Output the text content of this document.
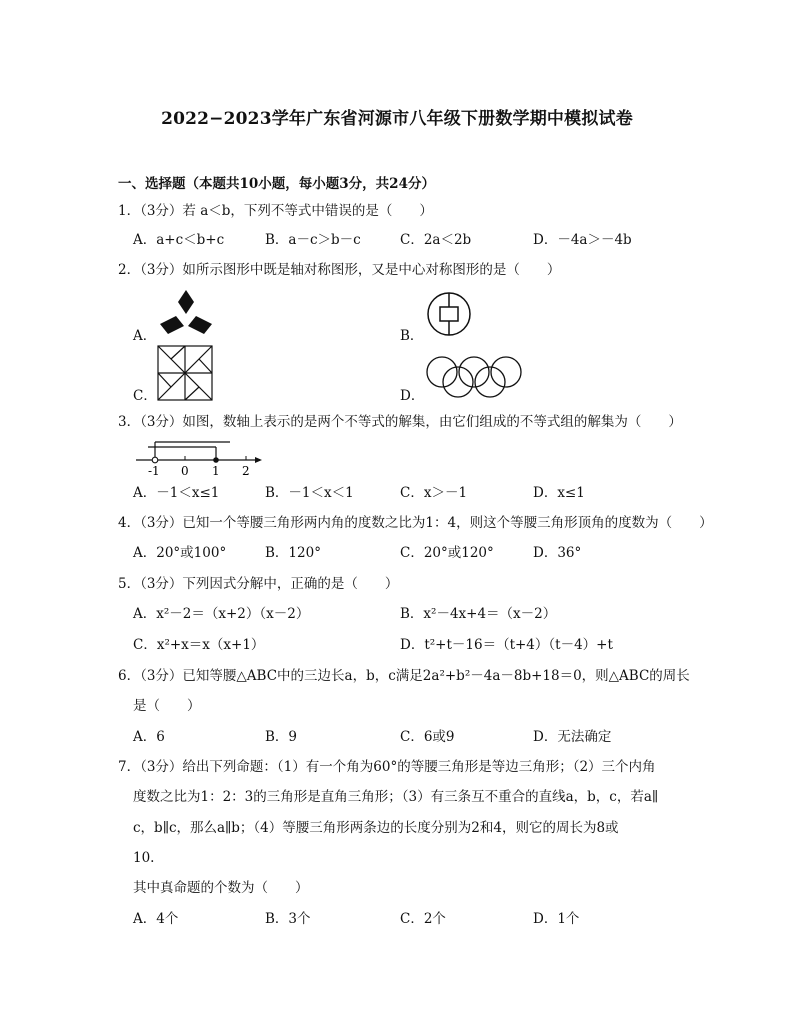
2022−2023学年广东省河源市八年级下册数学期中模拟试卷
一、选择题（本题共10小题，每小题3分，共24分）
1．（3分）若 a＜b，下列不等式中错误的是（　　）
A．a+c＜b+c	B．a－c＞b－c	C．2a＜2b	D．－4a＞－4b
2．（3分）如所示图形中既是轴对称图形，又是中心对称图形的是（　　）
A．	B．
C．	D．
3．（3分）如图，数轴上表示的是两个不等式的解集，由它们组成的不等式组的解集为（　　）
-1 0 1 2
A．－1＜x≤1	B．－1＜x＜1	C．x＞－1	D．x≤1
4．（3分）已知一个等腰三角形两内角的度数之比为1：4，则这个等腰三角形顶角的度数为（　　）
A．20°或100°	B．120°	C．20°或120°	D．36°
5．（3分）下列因式分解中，正确的是（　　）
A．x²－2＝（x+2）（x－2）	B．x²－4x+4＝（x－2）
C．x²+x＝x（x+1）	D．t²+t－16＝（t+4）（t－4）+t
6．（3分）已知等腰△ABC中的三边长a，b，c满足2a²+b²－4a－8b+18＝0，则△ABC的周长
是（　　）
A．6	B．9	C．6或9	D．无法确定
7．（3分）给出下列命题：（1）有一个角为60°的等腰三角形是等边三角形；（2）三个内角
度数之比为1：2：3的三角形是直角三角形；（3）有三条互不重合的直线a，b，c，若a∥
c，b∥c，那么a∥b；（4）等腰三角形两条边的长度分别为2和4，则它的周长为8或
10.
其中真命题的个数为（　　）
A．4个	B．3个	C．2个	D．1个
